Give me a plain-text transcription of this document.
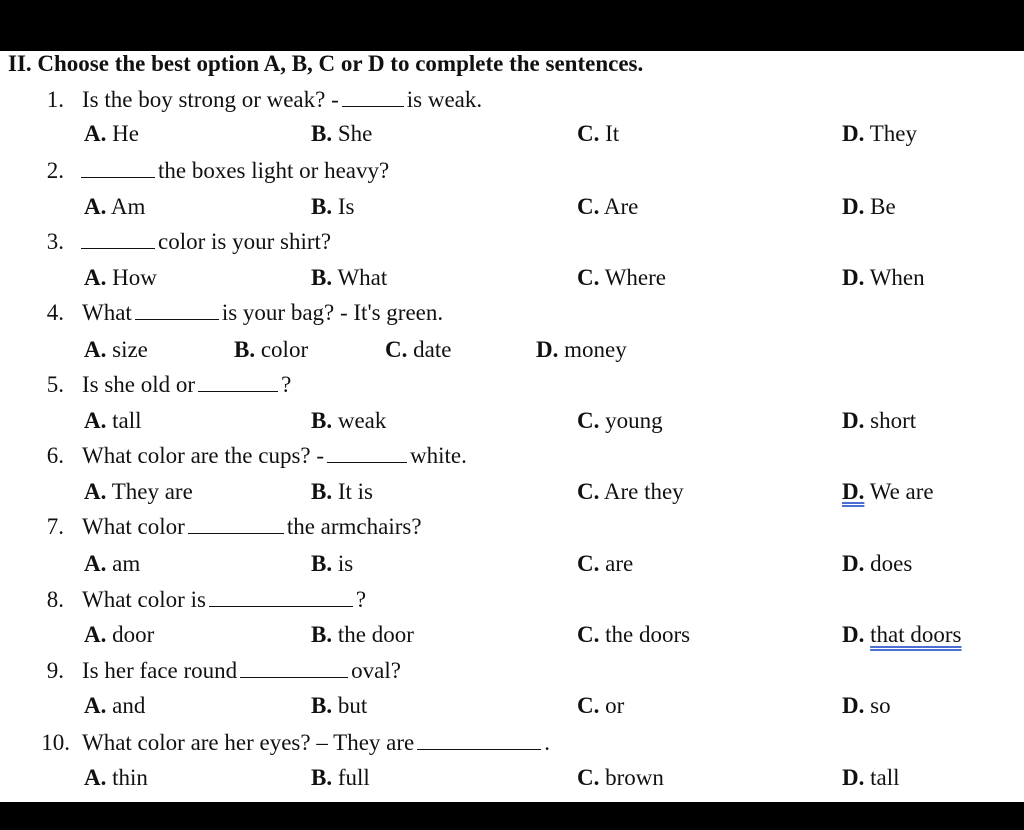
II. Choose the best option A, B, C or D to complete the sentences.
1. Is the boy strong or weak? -	is weak.
A. He	B. She	C. It	D. They
2.	the boxes light or heavy?
A. Am	B. Is	C. Are	D. Be
3.	color is your shirt?
A. How	B. What	C. Where	D. When
4. What	is your bag? - It's green.
A. size	B. color	C. date	D. money
5. Is she old or	?
A. tall	B. weak	C. young	D. short
6. What color are the cups? -	white.
A. They are	B. It is	C. Are they	D. We are
7. What color	the armchairs?
A. am	B. is	C. are	D. does
8. What color is	?
A. door	B. the door	C. the doors	D. that doors
9. Is her face round	oval?
A. and	B. but	C. or	D. so
10. What color are her eyes? – They are	.
A. thin	B. full	C. brown	D. tall
